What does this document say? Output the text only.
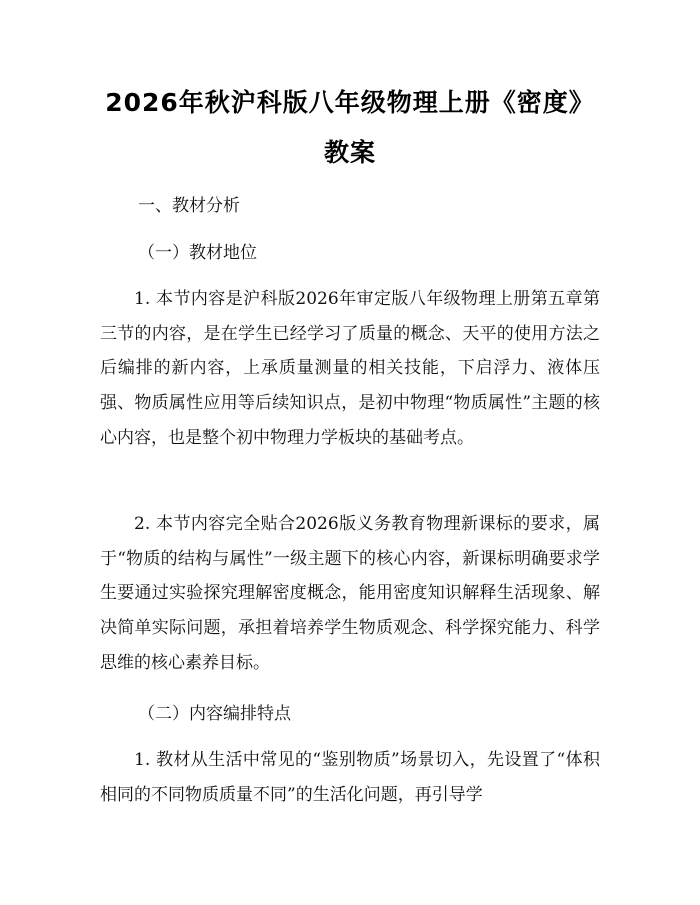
2026年秋沪科版八年级物理上册《密度》教案
一、教材分析
（一）教材地位
1. 本节内容是沪科版2026年审定版八年级物理上册第五章第三节的内容，是在学生已经学习了质量的概念、天平的使用方法之后编排的新内容，上承质量测量的相关技能，下启浮力、液体压强、物质属性应用等后续知识点，是初中物理“物质属性”主题的核心内容，也是整个初中物理力学板块的基础考点。
2. 本节内容完全贴合2026版义务教育物理新课标的要求，属于“物质的结构与属性”一级主题下的核心内容，新课标明确要求学生要通过实验探究理解密度概念，能用密度知识解释生活现象、解决简单实际问题，承担着培养学生物质观念、科学探究能力、科学思维的核心素养目标。
（二）内容编排特点
1. 教材从生活中常见的“鉴别物质”场景切入，先设置了“体积相同的不同物质质量不同”的生活化问题，再引导学
